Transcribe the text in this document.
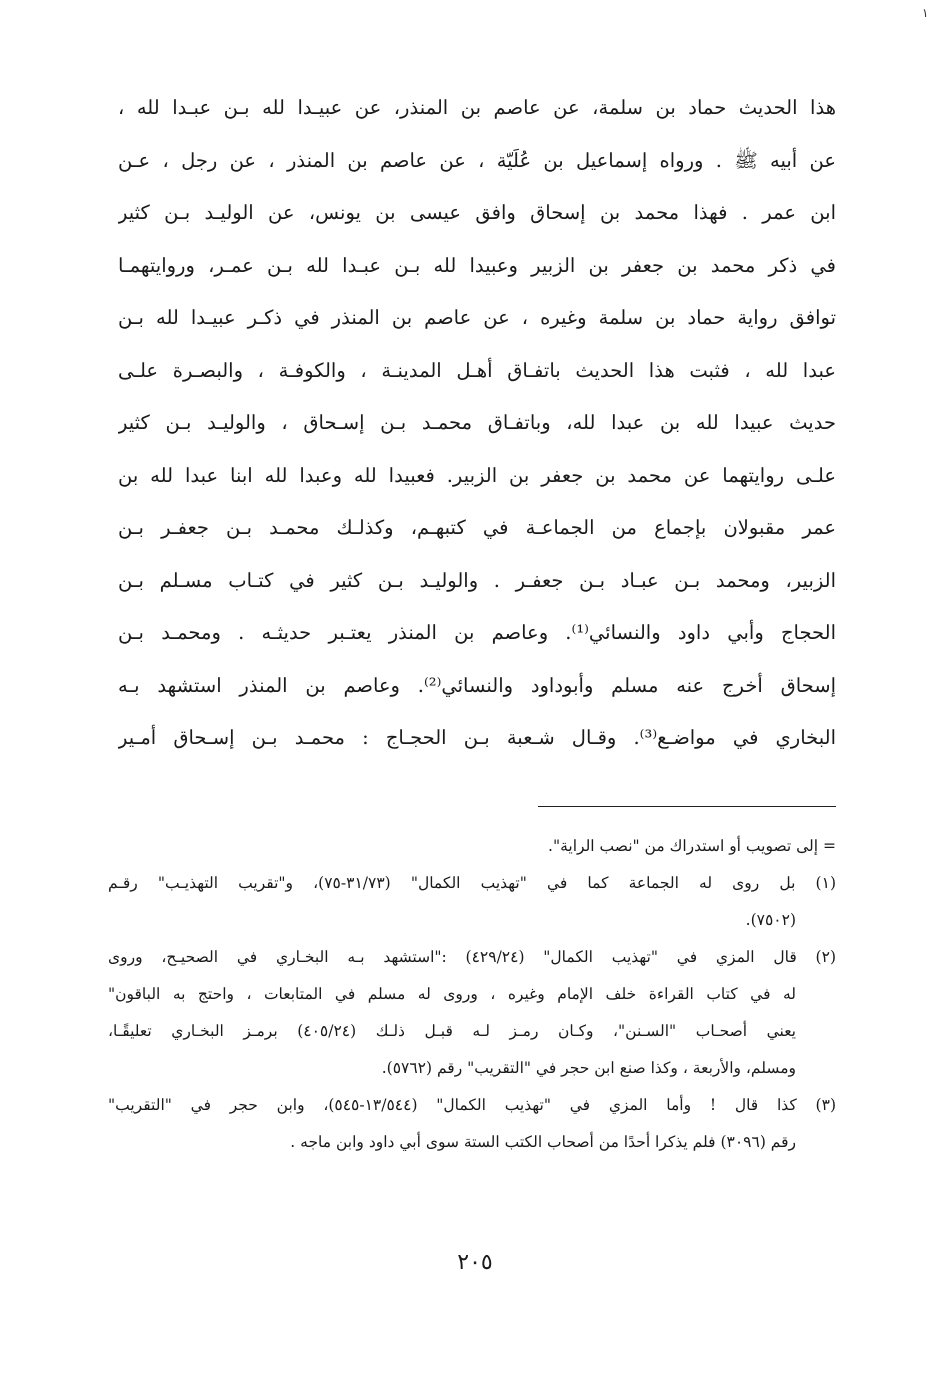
١
هذا الحديث حماد بن سلمة، عن عاصم بن المنذر، عن عبيـدا لله بـن عبـدا لله ،
عن أبيه ﷺ . ورواه إسماعيل بن عُلَيّة ، عن عاصم بن المنذر ، عن رجل ، عـن
ابن عمر . فهذا محمد بن إسحاق وافق عيسى بن يونس، عن الوليـد بـن كثير
في ذكر محمد بن جعفر بن الزبير وعبيدا لله بـن عبـدا لله بـن عمـر، وروايتهمـا
توافق رواية حماد بن سلمة وغيره ، عن عاصم بن المنذر في ذكـر عبيـدا لله بـن
عبدا لله ، فثبت هذا الحديث باتفـاق أهـل المدينـة ، والكوفـة ، والبصـرة علـى
حديث عبيدا لله بن عبدا لله، وباتفـاق محمـد بـن إسـحاق ، والوليـد بـن كثير
علـى روايتهما عن محمد بن جعفر بن الزبير. فعبيدا لله وعبدا لله ابنا عبدا لله بن
عمر مقبولان بإجماع من الجماعـة في كتبهـم، وكذلـك محمـد بـن جعفـر بـن
الزبير، ومحمد بـن عبـاد بـن جعفـر . والوليـد بـن كثير في كتـاب مسـلم بـن
الحجاج وأبي داود والنسائي⁽¹⁾. وعاصم بن المنذر يعتـبر حديثـه . ومحمـد بـن
إسحاق أخرج عنه مسلم وأبوداود والنسائي⁽²⁾. وعاصم بن المنذر استشهد بـه
البخاري في مواضـع⁽³⁾. وقـال شـعبة بـن الحجـاج : محمـد بـن إسـحاق أمـير
= إلى تصويب أو استدراك من "نصب الراية".
(١) بل روى له الجماعة كما في "تهذيب الكمال" (٣١/٧٣-٧٥)، و"تقريب التهذيـب" رقـم
(٧٥٠٢).
(٢) قال المزي في "تهذيب الكمال" (٤٢٩/٢٤) :"استشهد بـه البخـاري في الصحيـح، وروى
له في كتاب القراءة خلف الإمام وغيره ، وروى له مسلم في المتابعات ، واحتج به الباقون"
يعني أصحـاب "السـنن"، وكـان رمـز لـه قبـل ذلـك (٤٠٥/٢٤) برمـز البخـاري تعليقًـا،
ومسلم، والأربعة ، وكذا صنع ابن حجر في "التقريب" رقم (٥٧٦٢).
(٣) كذا قال ! وأما المزي في "تهذيب الكمال" (١٣/٥٤٤-٥٤٥)، وابن حجر في "التقريب"
رقم (٣٠٩٦) فلم يذكرا أحدًا من أصحاب الكتب الستة سوى أبي داود وابن ماجه .
٢٠٥
